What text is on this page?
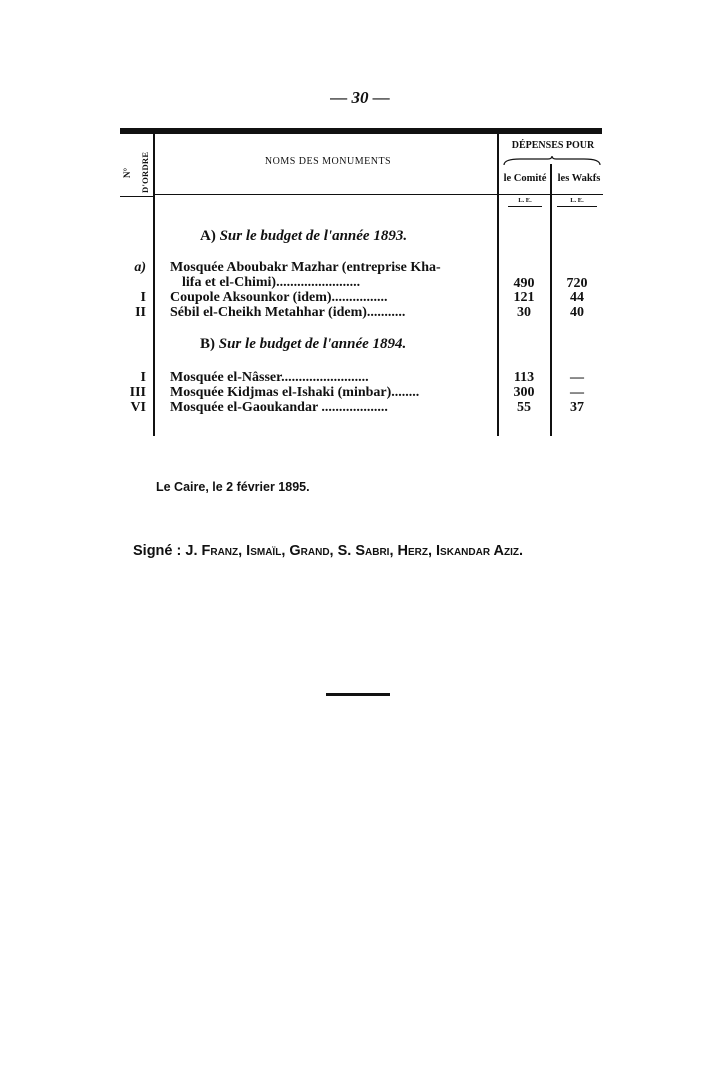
— 30 —
N° D'ORDRE	NOMS DES MONUMENTS
DÉPENSES POUR
le Comité	les Wakfs
L. E.	L. E.
A) Sur le budget de l'année 1893.
a) Mosquée Aboubakr Mazhar (entreprise Kha-
lifa et el-Chimi)........................	490	720
I Coupole Aksounkor (idem)................	121	44
II Sébil el-Cheikh Metahhar (idem)...........	30	40
B) Sur le budget de l'année 1894.
I Mosquée el-Nâsser.........................	113	—
III Mosquée Kidjmas el-Ishaki (minbar)........	300	—
VI Mosquée el-Gaoukandar ...................	55	37
Le Caire, le 2 février 1895.
Signé : J. Franz, Ismaïl, Grand, S. Sabri, Herz, Iskandar Aziz.
